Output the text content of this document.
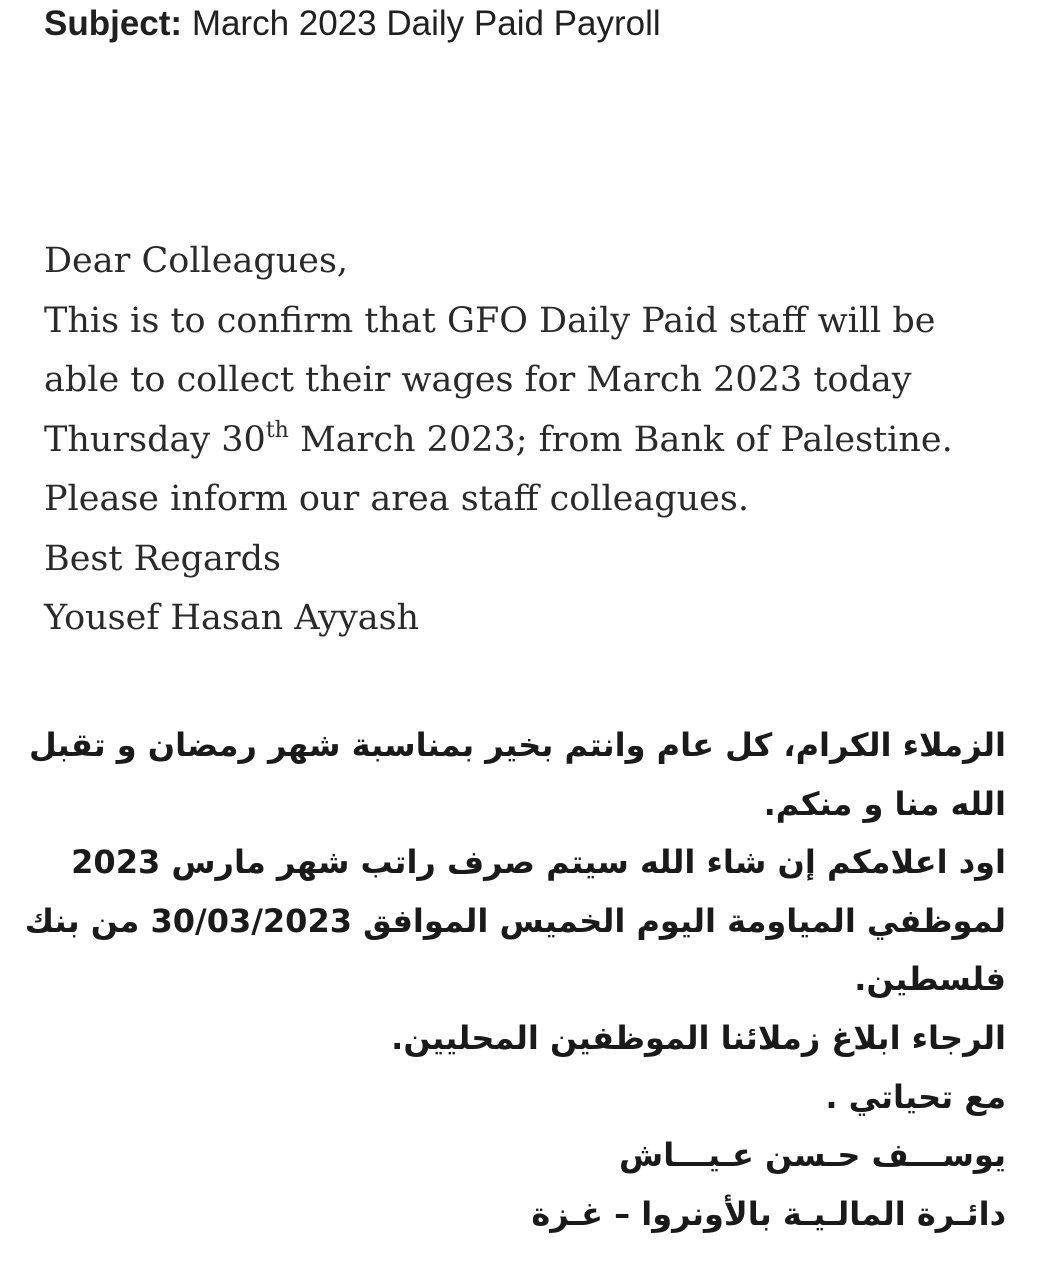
Subject: March 2023 Daily Paid Payroll
Dear Colleagues,
This is to confirm that GFO Daily Paid staff will be
able to collect their wages for March 2023 today
Thursday 30th March 2023; from Bank of Palestine.
Please inform our area staff colleagues.
Best Regards
Yousef Hasan Ayyash
الزملاء الكرام، كل عام وانتم بخير بمناسبة شهر رمضان و تقبل
الله منا و منكم.
اود اعلامكم إن شاء الله سيتم صرف راتب شهر مارس 2023
لموظفي المياومة اليوم الخميس الموافق 30/03/2023 من بنك
فلسطين.
الرجاء ابلاغ زملائنا الموظفين المحليين.
مع تحياتي .
يوســـف حـسن عـيـــاش
دائـرة المالـيـة بالأونروا – غـزة
